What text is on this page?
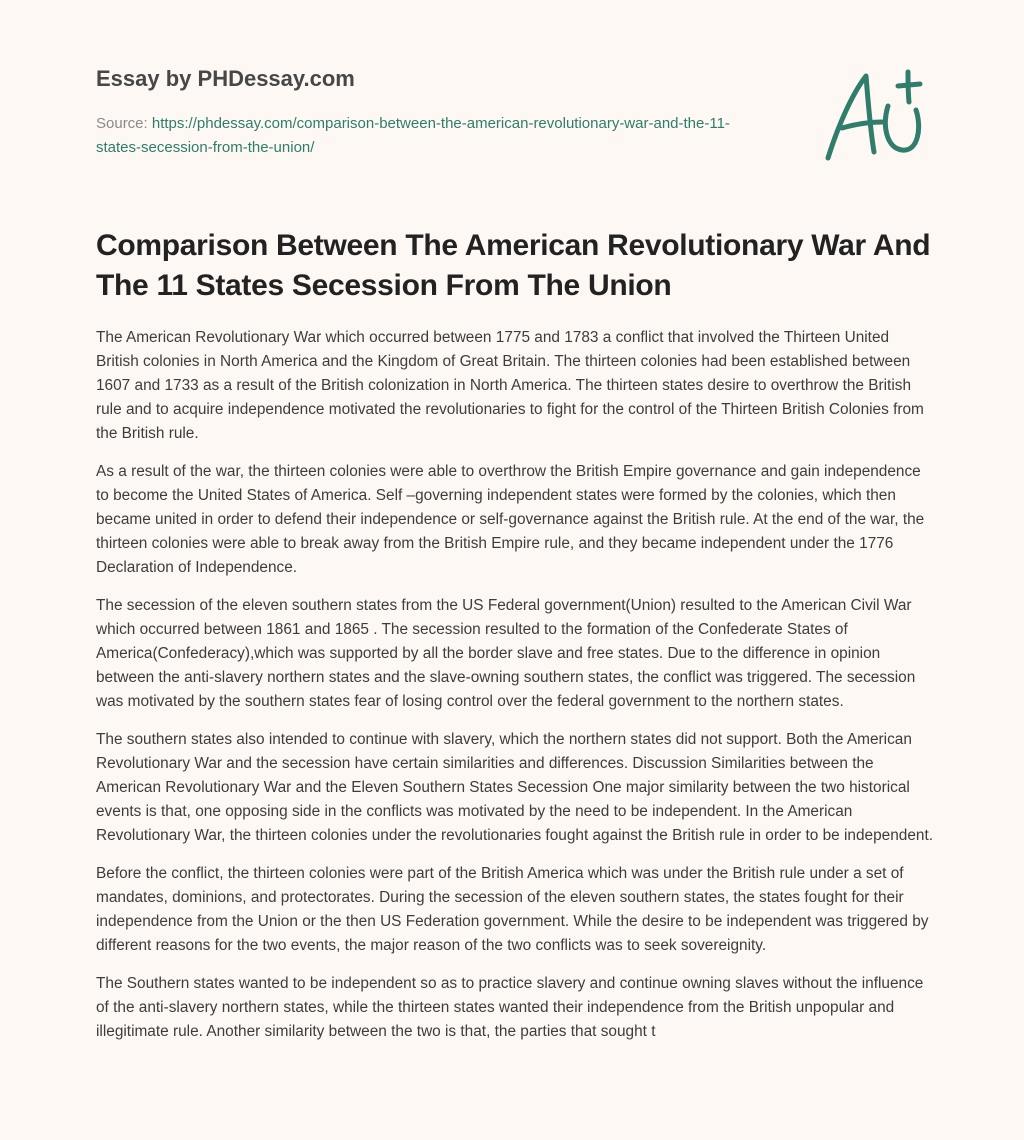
Essay by PHDessay.com

Source: https://phdessay.com/comparison-between-the-american-revolutionary-war-and-the-11-states-secession-from-the-union/

Comparison Between The American Revolutionary War And The 11 States Secession From The Union

The American Revolutionary War which occurred between 1775 and 1783 a conflict that involved the Thirteen United British colonies in North America and the Kingdom of Great Britain. The thirteen colonies had been established between 1607 and 1733 as a result of the British colonization in North America. The thirteen states desire to overthrow the British rule and to acquire independence motivated the revolutionaries to fight for the control of the Thirteen British Colonies from the British rule.

As a result of the war, the thirteen colonies were able to overthrow the British Empire governance and gain independence to become the United States of America. Self –governing independent states were formed by the colonies, which then became united in order to defend their independence or self-governance against the British rule. At the end of the war, the thirteen colonies were able to break away from the British Empire rule, and they became independent under the 1776 Declaration of Independence.

The secession of the eleven southern states from the US Federal government(Union) resulted to the American Civil War which occurred between 1861 and 1865 . The secession resulted to the formation of the Confederate States of America(Confederacy),which was supported by all the border slave and free states. Due to the difference in opinion between the anti-slavery northern states and the slave-owning southern states, the conflict was triggered. The secession was motivated by the southern states fear of losing control over the federal government to the northern states.

The southern states also intended to continue with slavery, which the northern states did not support. Both the American Revolutionary War and the secession have certain similarities and differences. Discussion Similarities between the American Revolutionary War and the Eleven Southern States Secession One major similarity between the two historical events is that, one opposing side in the conflicts was motivated by the need to be independent. In the American Revolutionary War, the thirteen colonies under the revolutionaries fought against the British rule in order to be independent.

Before the conflict, the thirteen colonies were part of the British America which was under the British rule under a set of mandates, dominions, and protectorates. During the secession of the eleven southern states, the states fought for their independence from the Union or the then US Federation government. While the desire to be independent was triggered by different reasons for the two events, the major reason of the two conflicts was to seek sovereignity.

The Southern states wanted to be independent so as to practice slavery and continue owning slaves without the influence of the anti-slavery northern states, while the thirteen states wanted their independence from the British unpopular and illegitimate rule. Another similarity between the two is that, the parties that sought t
